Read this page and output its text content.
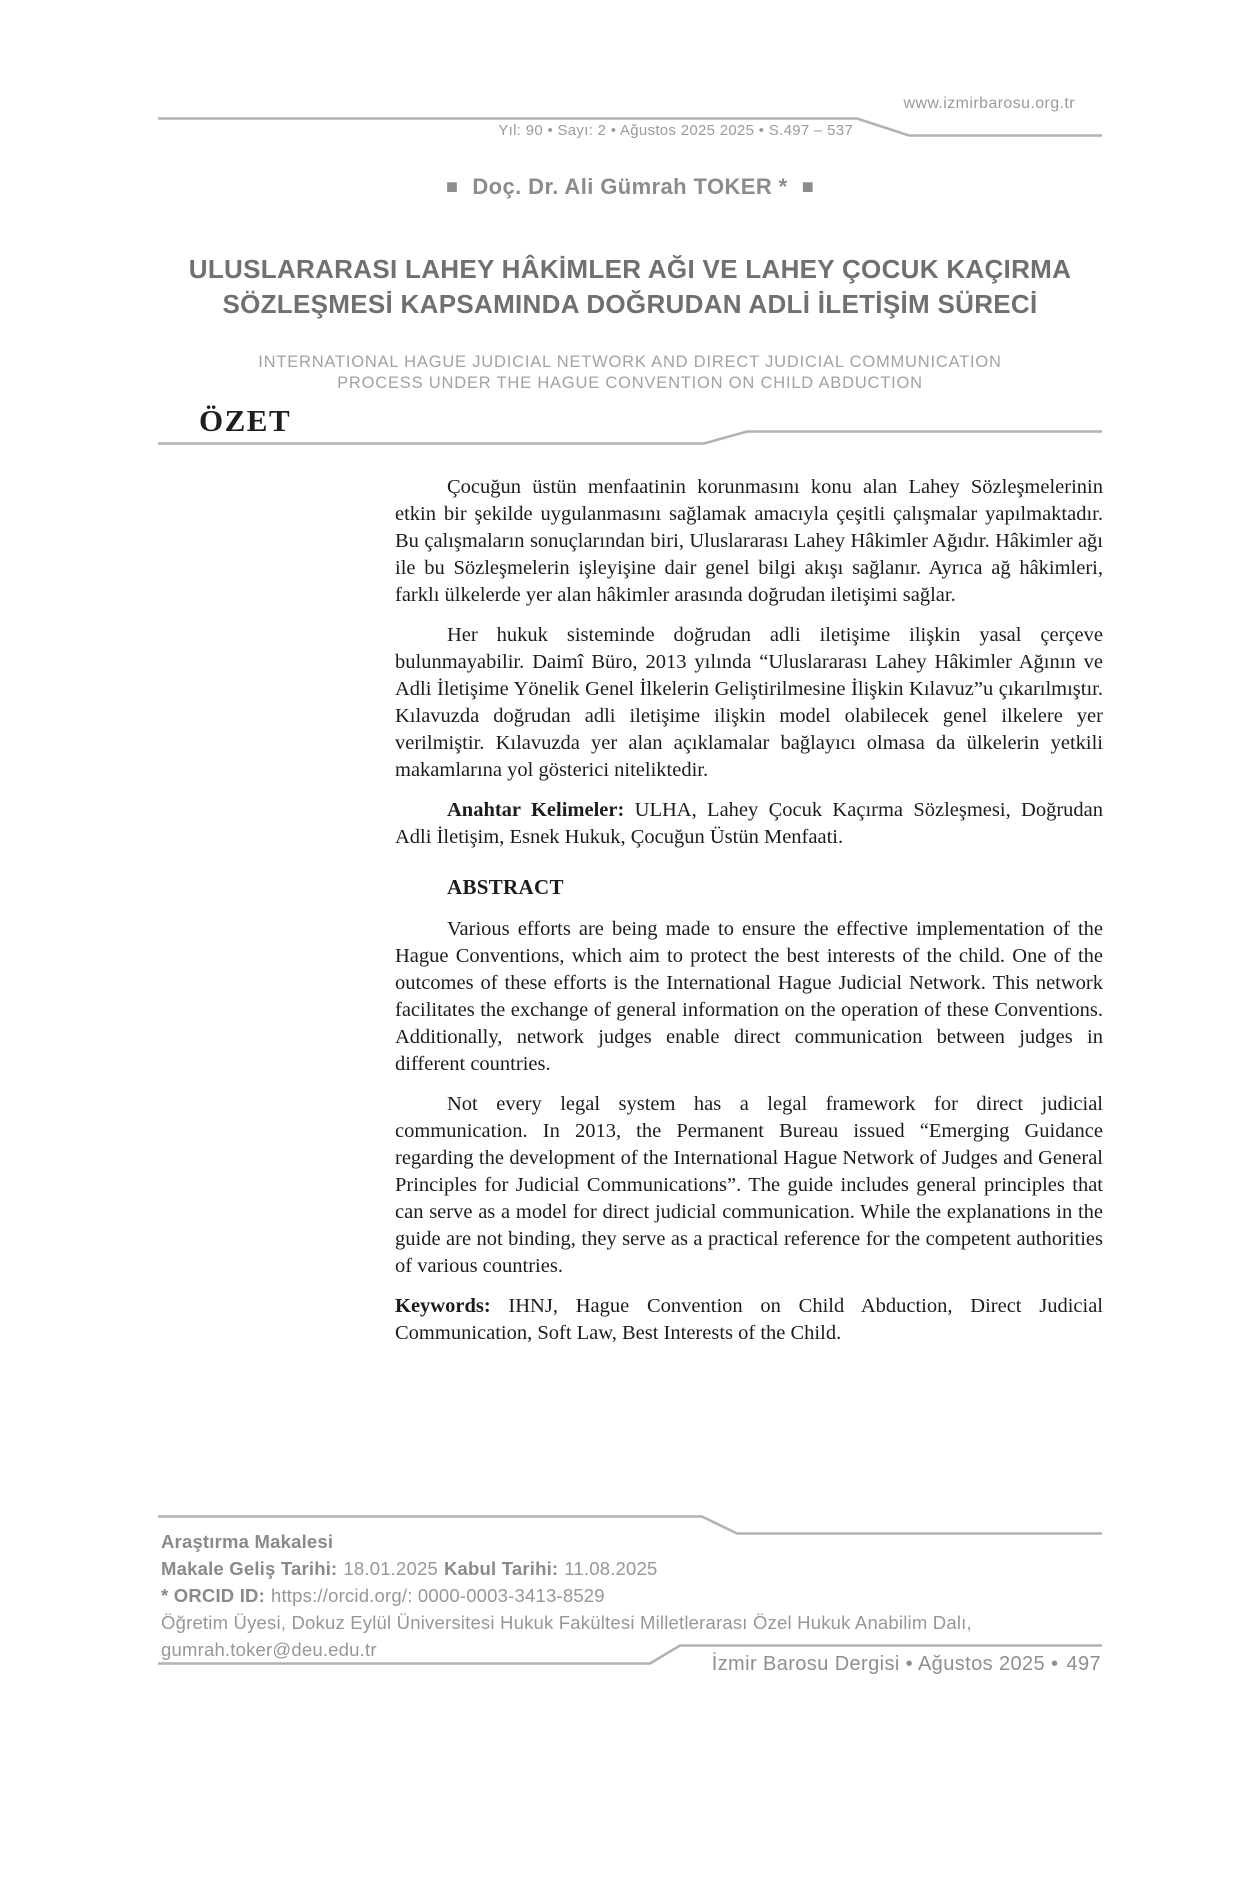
www.izmirbarosu.org.tr
Yıl: 90 • Sayı: 2 • Ağustos 2025 2025 • S.497 – 537
■ Doç. Dr. Ali Gümrah TOKER * ■
ULUSLARARASI LAHEY HÂKİMLER AĞI VE LAHEY ÇOCUK KAÇIRMA SÖZLEŞMESİ KAPSAMINDA DOĞRUDAN ADLİ İLETİŞİM SÜRECİ
INTERNATIONAL HAGUE JUDICIAL NETWORK AND DIRECT JUDICIAL COMMUNICATION PROCESS UNDER THE HAGUE CONVENTION ON CHILD ABDUCTION
ÖZET

Çocuğun üstün menfaatinin korunmasını konu alan Lahey Sözleşmelerinin etkin bir şekilde uygulanmasını sağlamak amacıyla çeşitli çalışmalar yapılmaktadır. Bu çalışmaların sonuçlarından biri, Uluslararası Lahey Hâkimler Ağıdır. Hâkimler ağı ile bu Sözleşmelerin işleyişine dair genel bilgi akışı sağlanır. Ayrıca ağ hâkimleri, farklı ülkelerde yer alan hâkimler arasında doğrudan iletişimi sağlar.

Her hukuk sisteminde doğrudan adli iletişime ilişkin yasal çerçeve bulunmayabilir. Daimî Büro, 2013 yılında “Uluslararası Lahey Hâkimler Ağının ve Adli İletişime Yönelik Genel İlkelerin Geliştirilmesine İlişkin Kılavuz”u çıkarılmıştır. Kılavuzda doğrudan adli iletişime ilişkin model olabilecek genel ilkelere yer verilmiştir. Kılavuzda yer alan açıklamalar bağlayıcı olmasa da ülkelerin yetkili makamlarına yol gösterici niteliktedir.

Anahtar Kelimeler: ULHA, Lahey Çocuk Kaçırma Sözleşmesi, Doğrudan Adli İletişim, Esnek Hukuk, Çocuğun Üstün Menfaati.

ABSTRACT

Various efforts are being made to ensure the effective implementation of the Hague Conventions, which aim to protect the best interests of the child. One of the outcomes of these efforts is the International Hague Judicial Network. This network facilitates the exchange of general information on the operation of these Conventions. Additionally, network judges enable direct communication between judges in different countries.

Not every legal system has a legal framework for direct judicial communication. In 2013, the Permanent Bureau issued “Emerging Guidance regarding the development of the International Hague Network of Judges and General Principles for Judicial Communications”. The guide includes general principles that can serve as a model for direct judicial communication. While the explanations in the guide are not binding, they serve as a practical reference for the competent authorities of various countries.

Keywords: IHNJ, Hague Convention on Child Abduction, Direct Judicial Communication, Soft Law, Best Interests of the Child.

Araştırma Makalesi
Makale Geliş Tarihi: 18.01.2025 Kabul Tarihi: 11.08.2025
* ORCID ID: https://orcid.org/: 0000-0003-3413-8529
Öğretim Üyesi, Dokuz Eylül Üniversitesi Hukuk Fakültesi Milletlerarası Özel Hukuk Anabilim Dalı,
gumrah.toker@deu.edu.tr
İzmir Barosu Dergisi • Ağustos 2025 • 497
